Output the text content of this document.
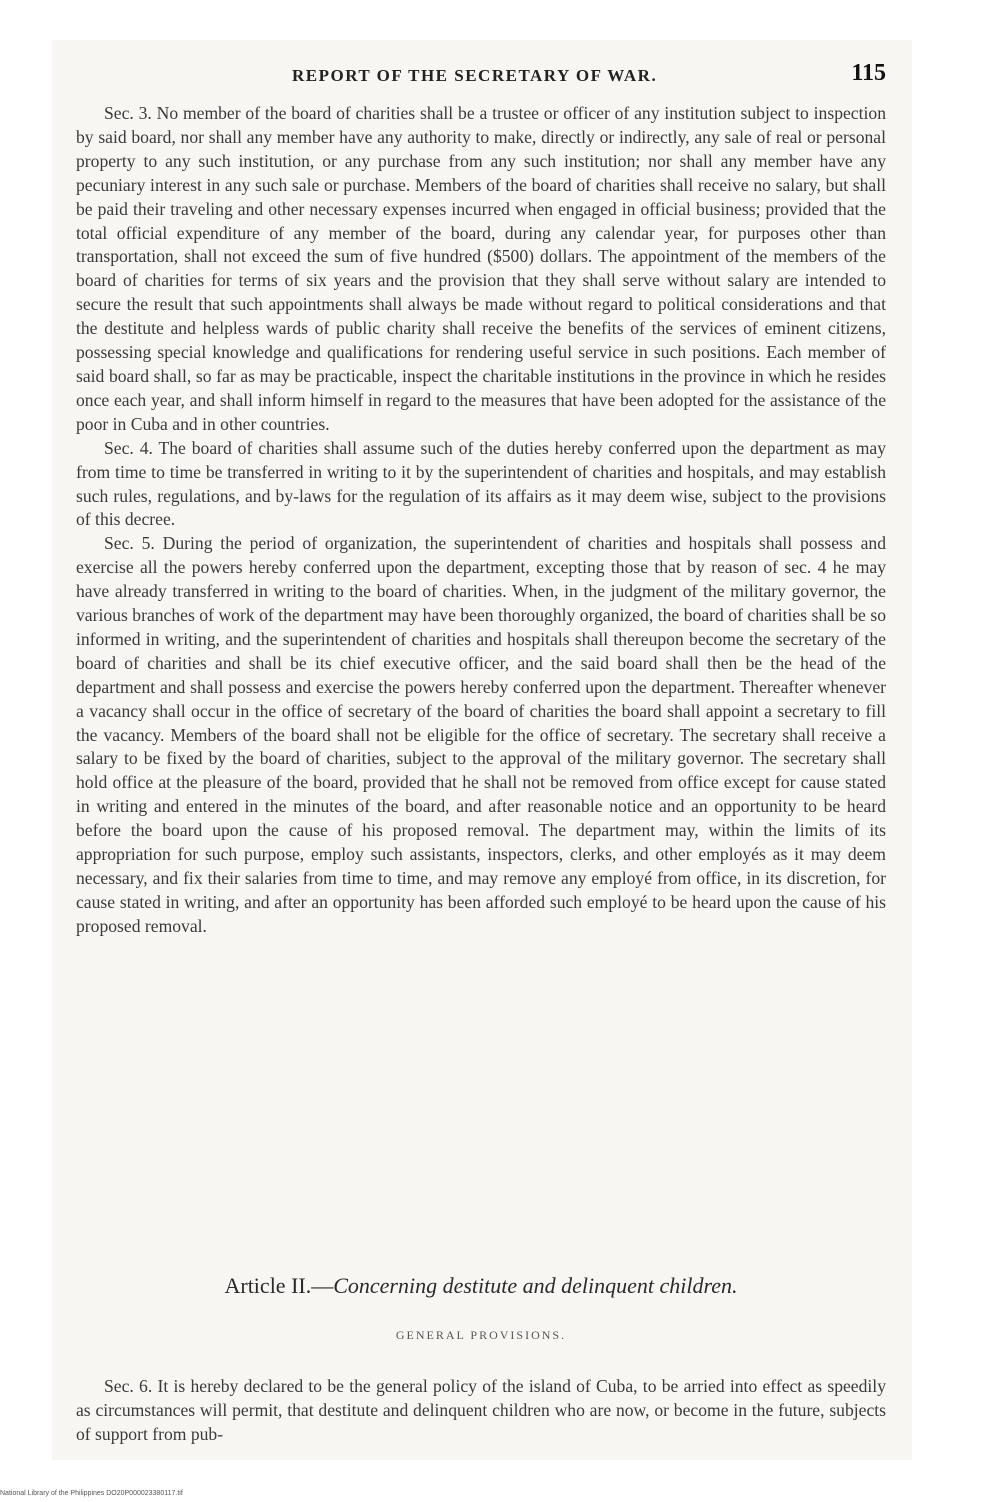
REPORT OF THE SECRETARY OF WAR.	115

Sec. 3. No member of the board of charities shall be a trustee or officer of any institution subject to inspection by said board, nor shall any member have any authority to make, directly or indirectly, any sale of real or personal property to any such institution, or any purchase from any such institution; nor shall any member have any pecuniary interest in any such sale or purchase. Members of the board of charities shall receive no salary, but shall be paid their traveling and other necessary expenses incurred when engaged in official business; provided that the total official expenditure of any member of the board, during any calendar year, for purposes other than transportation, shall not exceed the sum of five hundred ($500) dollars. The appointment of the members of the board of charities for terms of six years and the provision that they shall serve without salary are intended to secure the result that such appointments shall always be made without regard to political considerations and that the destitute and helpless wards of public charity shall receive the benefits of the services of eminent citizens, possessing special knowledge and qualifications for rendering useful service in such positions. Each member of said board shall, so far as may be practicable, inspect the charitable institutions in the province in which he resides once each year, and shall inform himself in regard to the measures that have been adopted for the assistance of the poor in Cuba and in other countries.

Sec. 4. The board of charities shall assume such of the duties hereby conferred upon the department as may from time to time be transferred in writing to it by the superintendent of charities and hospitals, and may establish such rules, regulations, and by-laws for the regulation of its affairs as it may deem wise, subject to the provisions of this decree.

Sec. 5. During the period of organization, the superintendent of charities and hospitals shall possess and exercise all the powers hereby conferred upon the department, excepting those that by reason of sec. 4 he may have already transferred in writing to the board of charities. When, in the judgment of the military governor, the various branches of work of the department may have been thoroughly organized, the board of charities shall be so informed in writing, and the superintendent of charities and hospitals shall thereupon become the secretary of the board of charities and shall be its chief executive officer, and the said board shall then be the head of the department and shall possess and exercise the powers hereby conferred upon the department. Thereafter whenever a vacancy shall occur in the office of secretary of the board of charities the board shall appoint a secretary to fill the vacancy. Members of the board shall not be eligible for the office of secretary. The secretary shall receive a salary to be fixed by the board of charities, subject to the approval of the military governor. The secretary shall hold office at the pleasure of the board, provided that he shall not be removed from office except for cause stated in writing and entered in the minutes of the board, and after reasonable notice and an opportunity to be heard before the board upon the cause of his proposed removal. The department may, within the limits of its appropriation for such purpose, employ such assistants, inspectors, clerks, and other employés as it may deem necessary, and fix their salaries from time to time, and may remove any employé from office, in its discretion, for cause stated in writing, and after an opportunity has been afforded such employé to be heard upon the cause of his proposed removal.

Article II.—Concerning destitute and delinquent children.
GENERAL PROVISIONS.

Sec. 6. It is hereby declared to be the general policy of the island of Cuba, to be arried into effect as speedily as circumstances will permit, that destitute and delinquent children who are now, or become in the future, subjects of support from pub-

National Library of the Philippines DO20P000023380117.tif
